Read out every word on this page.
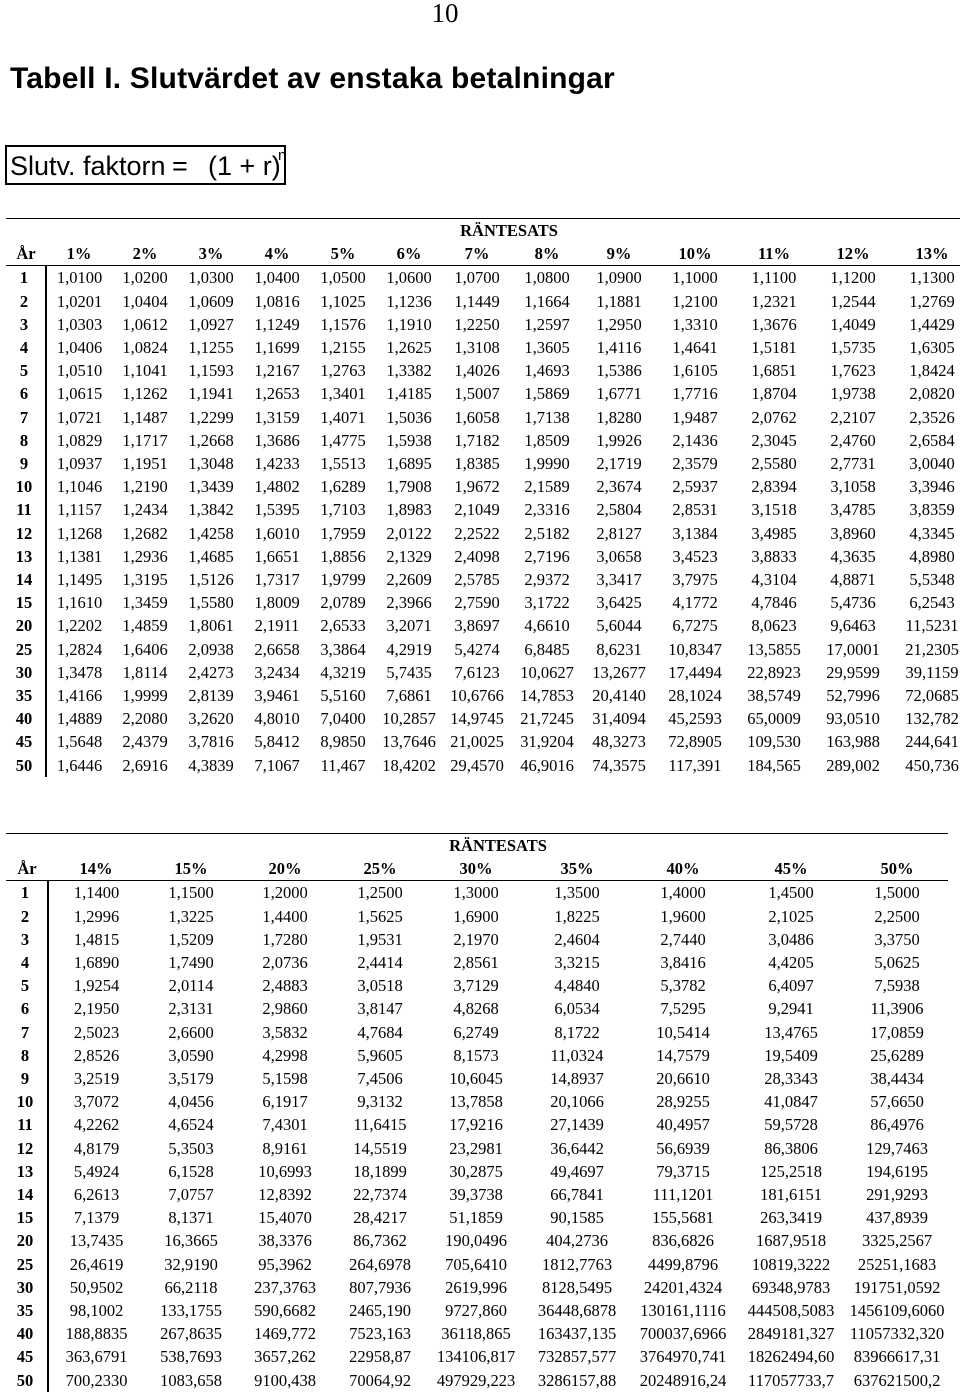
10
Tabell I. Slutvärdet av enstaka betalningar
Slutv. faktorn = (1 + r)
n
	RÄNTESATS												
År	1%	2%	3%	4%	5%	6%	7%	8%	9%	10%	11%	12%	13%
1	1,0100	1,0200	1,0300	1,0400	1,0500	1,0600	1,0700	1,0800	1,0900	1,1000	1,1100	1,1200	1,1300
2	1,0201	1,0404	1,0609	1,0816	1,1025	1,1236	1,1449	1,1664	1,1881	1,2100	1,2321	1,2544	1,2769
3	1,0303	1,0612	1,0927	1,1249	1,1576	1,1910	1,2250	1,2597	1,2950	1,3310	1,3676	1,4049	1,4429
4	1,0406	1,0824	1,1255	1,1699	1,2155	1,2625	1,3108	1,3605	1,4116	1,4641	1,5181	1,5735	1,6305
5	1,0510	1,1041	1,1593	1,2167	1,2763	1,3382	1,4026	1,4693	1,5386	1,6105	1,6851	1,7623	1,8424
6	1,0615	1,1262	1,1941	1,2653	1,3401	1,4185	1,5007	1,5869	1,6771	1,7716	1,8704	1,9738	2,0820
7	1,0721	1,1487	1,2299	1,3159	1,4071	1,5036	1,6058	1,7138	1,8280	1,9487	2,0762	2,2107	2,3526
8	1,0829	1,1717	1,2668	1,3686	1,4775	1,5938	1,7182	1,8509	1,9926	2,1436	2,3045	2,4760	2,6584
9	1,0937	1,1951	1,3048	1,4233	1,5513	1,6895	1,8385	1,9990	2,1719	2,3579	2,5580	2,7731	3,0040
10	1,1046	1,2190	1,3439	1,4802	1,6289	1,7908	1,9672	2,1589	2,3674	2,5937	2,8394	3,1058	3,3946
11	1,1157	1,2434	1,3842	1,5395	1,7103	1,8983	2,1049	2,3316	2,5804	2,8531	3,1518	3,4785	3,8359
12	1,1268	1,2682	1,4258	1,6010	1,7959	2,0122	2,2522	2,5182	2,8127	3,1384	3,4985	3,8960	4,3345
13	1,1381	1,2936	1,4685	1,6651	1,8856	2,1329	2,4098	2,7196	3,0658	3,4523	3,8833	4,3635	4,8980
14	1,1495	1,3195	1,5126	1,7317	1,9799	2,2609	2,5785	2,9372	3,3417	3,7975	4,3104	4,8871	5,5348
15	1,1610	1,3459	1,5580	1,8009	2,0789	2,3966	2,7590	3,1722	3,6425	4,1772	4,7846	5,4736	6,2543
20	1,2202	1,4859	1,8061	2,1911	2,6533	3,2071	3,8697	4,6610	5,6044	6,7275	8,0623	9,6463	11,5231
25	1,2824	1,6406	2,0938	2,6658	3,3864	4,2919	5,4274	6,8485	8,6231	10,8347	13,5855	17,0001	21,2305
30	1,3478	1,8114	2,4273	3,2434	4,3219	5,7435	7,6123	10,0627	13,2677	17,4494	22,8923	29,9599	39,1159
35	1,4166	1,9999	2,8139	3,9461	5,5160	7,6861	10,6766	14,7853	20,4140	28,1024	38,5749	52,7996	72,0685
40	1,4889	2,2080	3,2620	4,8010	7,0400	10,2857	14,9745	21,7245	31,4094	45,2593	65,0009	93,0510	132,782
45	1,5648	2,4379	3,7816	5,8412	8,9850	13,7646	21,0025	31,9204	48,3273	72,8905	109,530	163,988	244,641
50	1,6446	2,6916	4,3839	7,1067	11,467	18,4202	29,4570	46,9016	74,3575	117,391	184,565	289,002	450,736
	RÄNTESATS								
År	14%	15%	20%	25%	30%	35%	40%	45%	50%
1	1,1400	1,1500	1,2000	1,2500	1,3000	1,3500	1,4000	1,4500	1,5000
2	1,2996	1,3225	1,4400	1,5625	1,6900	1,8225	1,9600	2,1025	2,2500
3	1,4815	1,5209	1,7280	1,9531	2,1970	2,4604	2,7440	3,0486	3,3750
4	1,6890	1,7490	2,0736	2,4414	2,8561	3,3215	3,8416	4,4205	5,0625
5	1,9254	2,0114	2,4883	3,0518	3,7129	4,4840	5,3782	6,4097	7,5938
6	2,1950	2,3131	2,9860	3,8147	4,8268	6,0534	7,5295	9,2941	11,3906
7	2,5023	2,6600	3,5832	4,7684	6,2749	8,1722	10,5414	13,4765	17,0859
8	2,8526	3,0590	4,2998	5,9605	8,1573	11,0324	14,7579	19,5409	25,6289
9	3,2519	3,5179	5,1598	7,4506	10,6045	14,8937	20,6610	28,3343	38,4434
10	3,7072	4,0456	6,1917	9,3132	13,7858	20,1066	28,9255	41,0847	57,6650
11	4,2262	4,6524	7,4301	11,6415	17,9216	27,1439	40,4957	59,5728	86,4976
12	4,8179	5,3503	8,9161	14,5519	23,2981	36,6442	56,6939	86,3806	129,7463
13	5,4924	6,1528	10,6993	18,1899	30,2875	49,4697	79,3715	125,2518	194,6195
14	6,2613	7,0757	12,8392	22,7374	39,3738	66,7841	111,1201	181,6151	291,9293
15	7,1379	8,1371	15,4070	28,4217	51,1859	90,1585	155,5681	263,3419	437,8939
20	13,7435	16,3665	38,3376	86,7362	190,0496	404,2736	836,6826	1687,9518	3325,2567
25	26,4619	32,9190	95,3962	264,6978	705,6410	1812,7763	4499,8796	10819,3222	25251,1683
30	50,9502	66,2118	237,3763	807,7936	2619,996	8128,5495	24201,4324	69348,9783	191751,0592
35	98,1002	133,1755	590,6682	2465,190	9727,860	36448,6878	130161,1116	444508,5083	1456109,6060
40	188,8835	267,8635	1469,772	7523,163	36118,865	163437,135	700037,6966	2849181,327	11057332,320
45	363,6791	538,7693	3657,262	22958,87	134106,817	732857,577	3764970,741	18262494,60	83966617,31
50	700,2330	1083,658	9100,438	70064,92	497929,223	3286157,88	20248916,24	117057733,7	637621500,2
